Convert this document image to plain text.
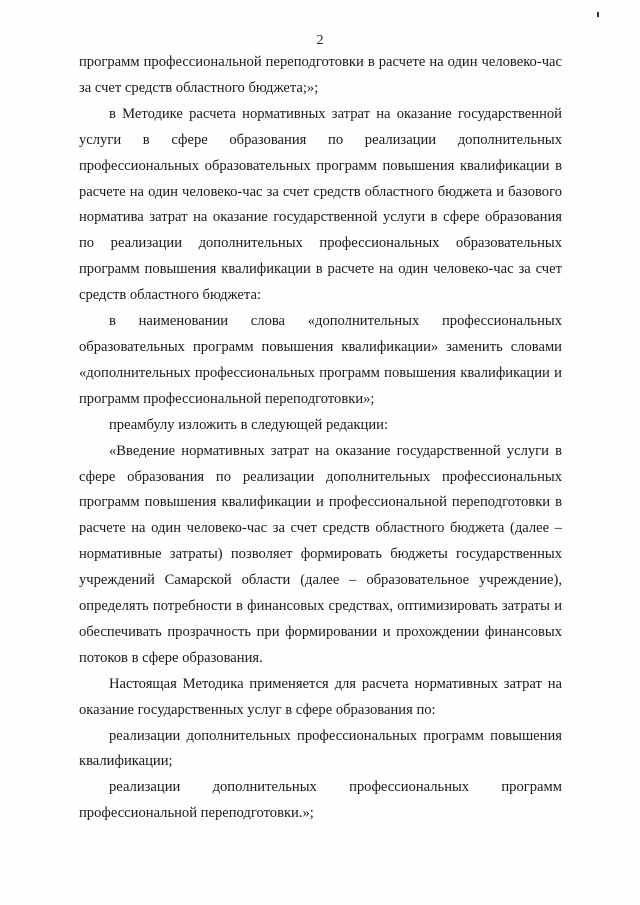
2

программ профессиональной переподготовки в расчете на один человеко-час за счет средств областного бюджета;»;

в Методике расчета нормативных затрат на оказание государственной услуги в сфере образования по реализации дополнительных профессиональных образовательных программ повышения квалификации в расчете на один человеко-час за счет средств областного бюджета и базового норматива затрат на оказание государственной услуги в сфере образования по реализации дополнительных профессиональных образовательных программ повышения квалификации в расчете на один человеко-час за счет средств областного бюджета:

в наименовании слова «дополнительных профессиональных образовательных программ повышения квалификации» заменить словами «дополнительных профессиональных программ повышения квалификации и программ профессиональной переподготовки»;

преамбулу изложить в следующей редакции:

«Введение нормативных затрат на оказание государственной услуги в сфере образования по реализации дополнительных профессиональных программ повышения квалификации и профессиональной переподготовки в расчете на один человеко-час за счет средств областного бюджета (далее – нормативные затраты) позволяет формировать бюджеты государственных учреждений Самарской области (далее – образовательное учреждение), определять потребности в финансовых средствах, оптимизировать затраты и обеспечивать прозрачность при формировании и прохождении финансовых потоков в сфере образования.

Настоящая Методика применяется для расчета нормативных затрат на оказание государственных услуг в сфере образования по:

реализации дополнительных профессиональных программ повышения квалификации;

реализации дополнительных профессиональных программ профессиональной переподготовки.»;
